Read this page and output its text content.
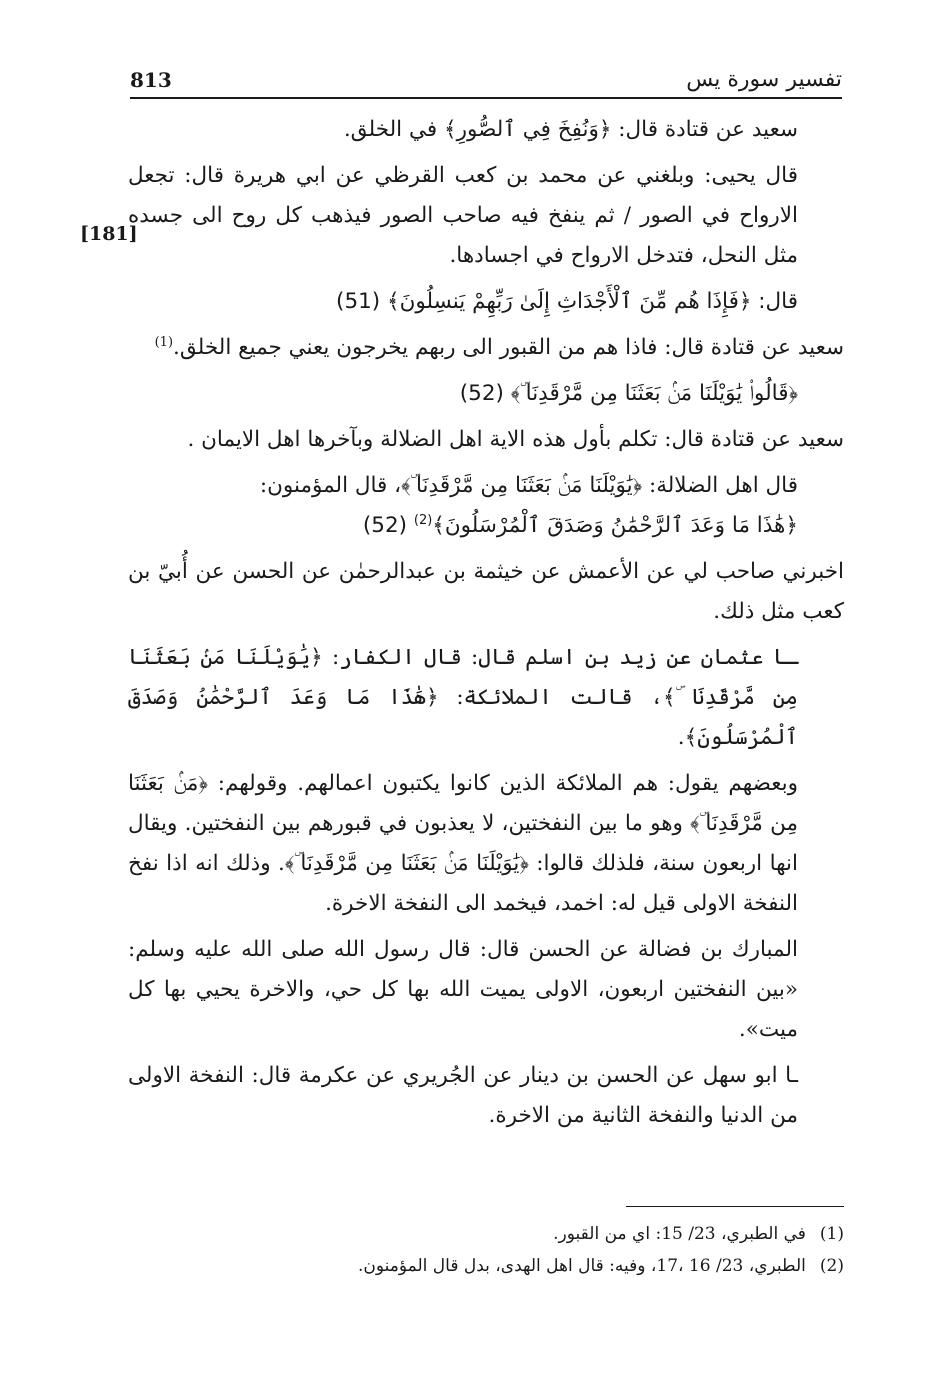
813	تفسير سورة يس
[181]

سعيد عن قتادة قال: ﴿وَنُفِخَ فِي ٱلصُّورِ﴾ في الخلق.

قال يحيى: وبلغني عن محمد بن كعب القرظي عن ابي هريرة قال: تجعل الارواح في الصور / ثم ينفخ فيه صاحب الصور فيذهب كل روح الى جسده مثل النحل، فتدخل الارواح في اجسادها.

قال: ﴿فَإِذَا هُم مِّنَ ٱلْأَجْدَاثِ إِلَىٰ رَبِّهِمْ يَنسِلُونَ﴾ (51)

سعيد عن قتادة قال: فاذا هم من القبور الى ربهم يخرجون يعني جميع الخلق.$^{(1)}$

﴿قَالُوا۟ يَٰوَيْلَنَا مَنۢ بَعَثَنَا مِن مَّرْقَدِنَا ۜ﴾ (52)

سعيد عن قتادة قال: تكلم بأول هذه الاية اهل الضلالة وبآخرها اهل الايمان .

قال اهل الضلالة: ﴿يَٰوَيْلَنَا مَنۢ بَعَثَنَا مِن مَّرْقَدِنَا ۜ﴾، قال المؤمنون:

﴿هَٰذَا مَا وَعَدَ ٱلرَّحْمَٰنُ وَصَدَقَ ٱلْمُرْسَلُونَ﴾$^{(2)}$ (52)

اخبرني صاحب لي عن الأعمش عن خيثمة بن عبدالرحمٰن عن الحسن عن أُبيّ بن كعب مثل ذلك.

ـا عثمان عن زيد بن اسلم قال: قال الكفار: ﴿يَٰوَيْلَنَا مَنۢ بَعَثَنَا مِن مَّرْقَدِنَا ۜ﴾، قالت الملائكة: ﴿هَٰذَا مَا وَعَدَ ٱلرَّحْمَٰنُ وَصَدَقَ ٱلْمُرْسَلُونَ﴾.

وبعضهم يقول: هم الملائكة الذين كانوا يكتبون اعمالهم. وقولهم: ﴿مَنۢ بَعَثَنَا مِن مَّرْقَدِنَا ۜ﴾ وهو ما بين النفختين، لا يعذبون في قبورهم بين النفختين. ويقال انها اربعون سنة، فلذلك قالوا: ﴿يَٰوَيْلَنَا مَنۢ بَعَثَنَا مِن مَّرْقَدِنَا ۜ﴾. وذلك انه اذا نفخ النفخة الاولى قيل له: اخمد، فيخمد الى النفخة الاخرة.

المبارك بن فضالة عن الحسن قال: قال رسول الله صلى الله عليه وسلم: «بين النفختين اربعون، الاولى يميت الله بها كل حي، والاخرة يحيي بها كل ميت».

ـا ابو سهل عن الحسن بن دينار عن الجُريري عن عكرمة قال: النفخة الاولى من الدنيا والنفخة الثانية من الاخرة.

(1)في الطبري، 23/ 15: اي من القبور.
(2)الطبري، 23/ 16 ،17، وفيه: قال اهل الهدى، بدل قال المؤمنون.
